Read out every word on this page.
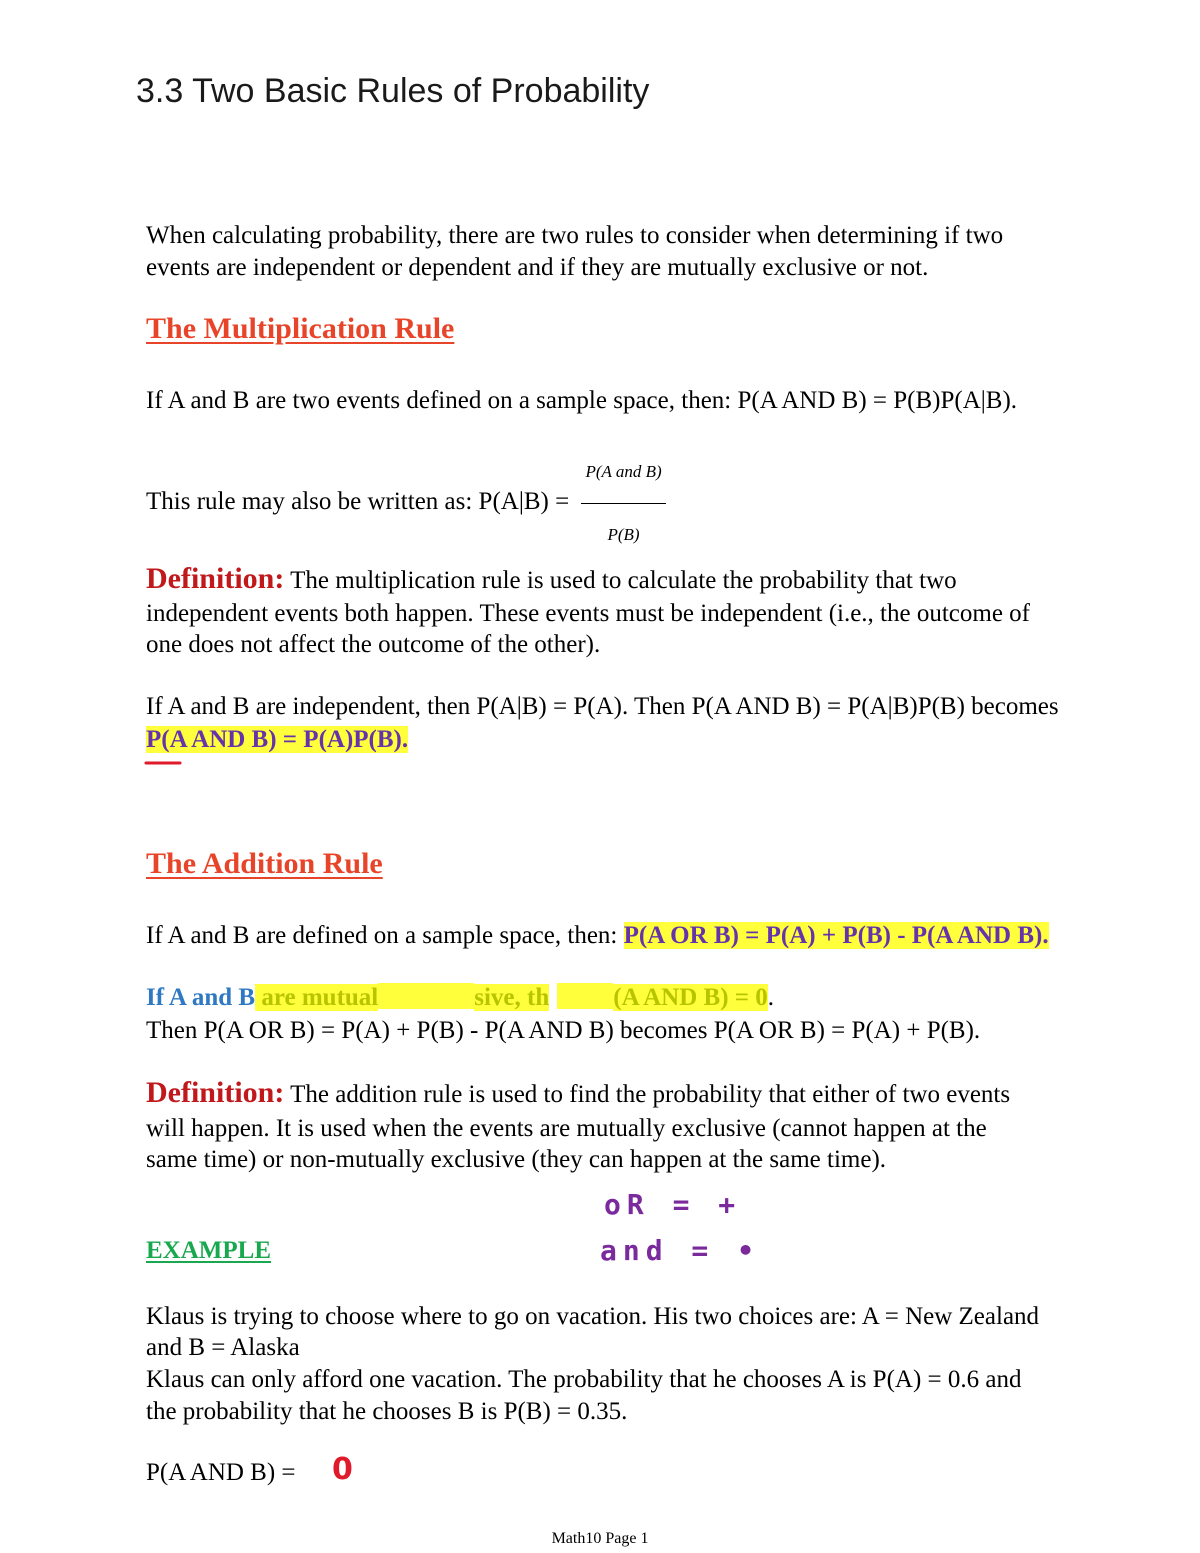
3.3 Two Basic Rules of Probability
When calculating probability, there are two rules to consider when determining if two
events are independent or dependent and if they are mutually exclusive or not.
The Multiplication Rule
If A and B are two events defined on a sample space, then: P(A AND B) = P(B)P(A|B).
This rule may also be written as: $P(A|B) = \frac{\text{P(A and B)}}{P(B)}$
Definition: The multiplication rule is used to calculate the probability that two
independent events both happen. These events must be independent (i.e., the outcome of
one does not affect the outcome of the other).
If A and B are independent, then P(A|B) = P(A). Then P(A AND B) = P(A|B)P(B) becomes
P(A AND B) = P(A)P(B).
The Addition Rule
If A and B are defined on a sample space, then: P(A OR B) = P(A) + P(B) - P(A AND B).
If A and B are mutual	sive, th	(A AND B) = 0.
Then P(A OR B) = P(A) + P(B) - P(A AND B) becomes P(A OR B) = P(A) + P(B).
Definition: The addition rule is used to find the probability that either of two events
will happen. It is used when the events are mutually exclusive (cannot happen at the
same time) or non-mutually exclusive (they can happen at the same time).
oR = +
and = •
EXAMPLE
Klaus is trying to choose where to go on vacation. His two choices are: A = New Zealand
and B = Alaska
Klaus can only afford one vacation. The probability that he chooses A is P(A) = 0.6 and
the probability that he chooses B is P(B) = 0.35.
P(A AND B) = 0
Math10 Page 1
